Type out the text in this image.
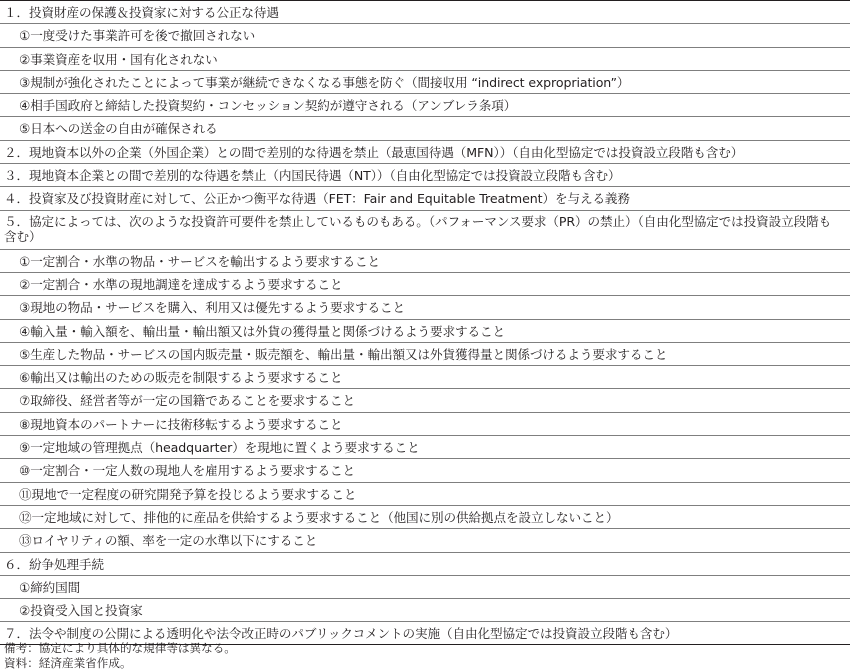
１．投資財産の保護＆投資家に対する公正な待遇
①一度受けた事業許可を後で撤回されない
②事業資産を収用・国有化されない
③規制が強化されたことによって事業が継続できなくなる事態を防ぐ（間接収用 “indirect expropriation”）
④相手国政府と締結した投資契約・コンセッション契約が遵守される（アンブレラ条項）
⑤日本への送金の自由が確保される
２．現地資本以外の企業（外国企業）との間で差別的な待遇を禁止（最恵国待遇（MFN））（自由化型協定では投資設立段階も含む）
３．現地資本企業との間で差別的な待遇を禁止（内国民待遇（NT））（自由化型協定では投資設立段階も含む）
４．投資家及び投資財産に対して、公正かつ衡平な待遇（FET：Fair and Equitable Treatment）を与える義務
５．協定によっては、次のような投資許可要件を禁止しているものもある。（パフォーマンス要求（PR）の禁止）（自由化型協定では投資設立段階も含む）
①一定割合・水準の物品・サービスを輸出するよう要求すること
②一定割合・水準の現地調達を達成するよう要求すること
③現地の物品・サービスを購入、利用又は優先するよう要求すること
④輸入量・輸入額を、輸出量・輸出額又は外貨の獲得量と関係づけるよう要求すること
⑤生産した物品・サービスの国内販売量・販売額を、輸出量・輸出額又は外貨獲得量と関係づけるよう要求すること
⑥輸出又は輸出のための販売を制限するよう要求すること
⑦取締役、経営者等が一定の国籍であることを要求すること
⑧現地資本のパートナーに技術移転するよう要求すること
⑨一定地域の管理拠点（headquarter）を現地に置くよう要求すること
⑩一定割合・一定人数の現地人を雇用するよう要求すること
⑪現地で一定程度の研究開発予算を投じるよう要求すること
⑫一定地域に対して、排他的に産品を供給するよう要求すること（他国に別の供給拠点を設立しないこと）
⑬ロイヤリティの額、率を一定の水準以下にすること
６．紛争処理手続
①締約国間
②投資受入国と投資家
７．法令や制度の公開による透明化や法令改正時のパブリックコメントの実施（自由化型協定では投資設立段階も含む）
備考：協定により具体的な規律等は異なる。
資料：経済産業省作成。
